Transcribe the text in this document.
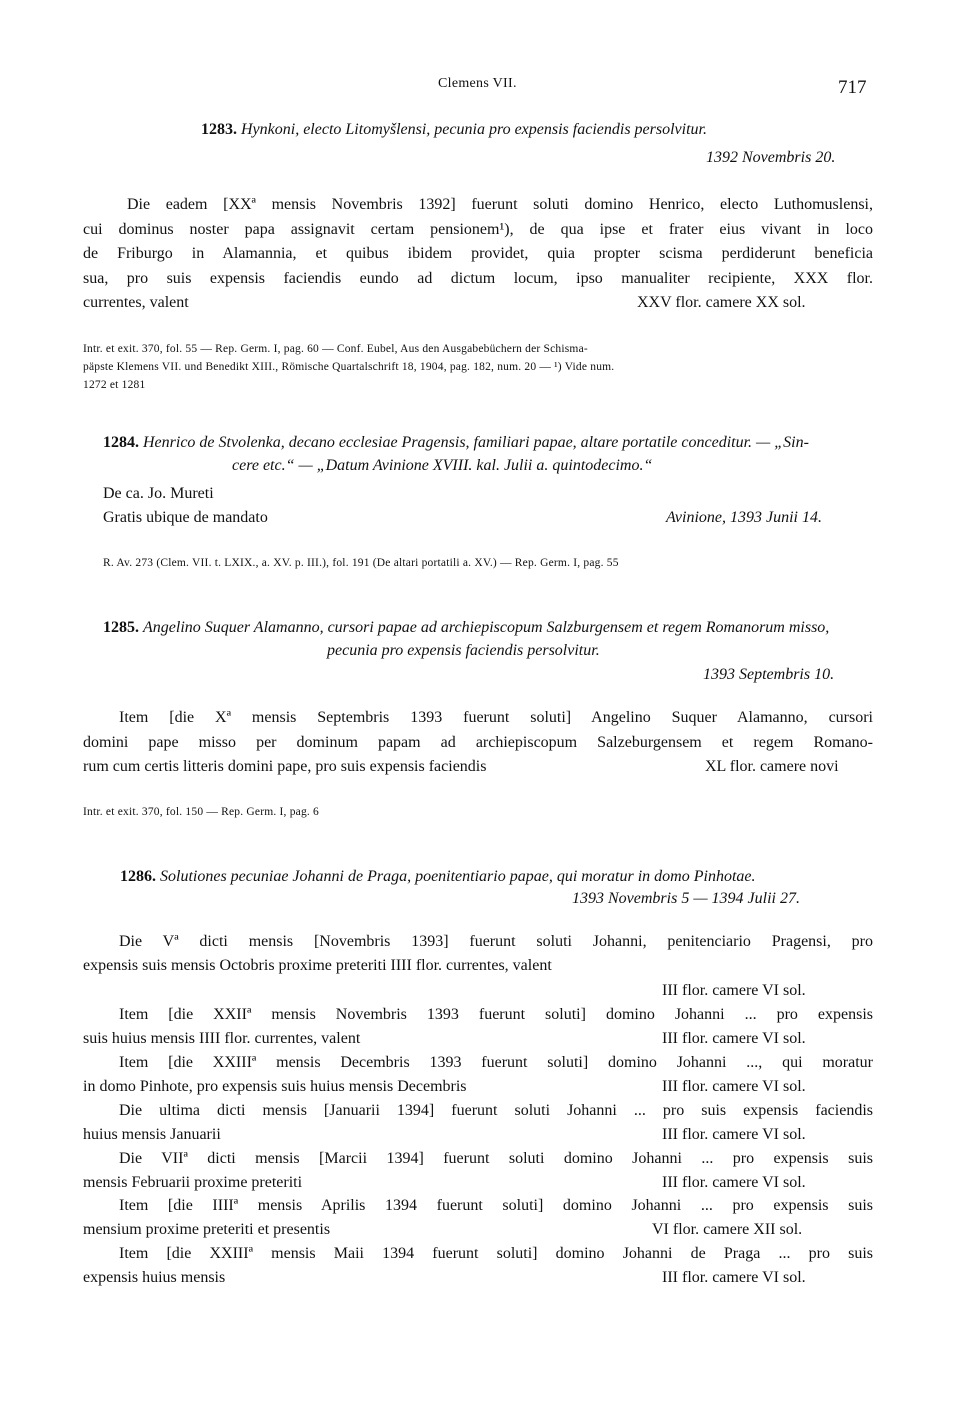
Clemens VII.	717
1283. Hynkoni, electo Litomyšlensi, pecunia pro expensis faciendis persolvitur.
1392 Novembris 20.
Die eadem [XXª mensis Novembris 1392] fuerunt soluti domino Henrico, electo Luthomuslensi,
cui dominus noster papa assignavit certam pensionem¹), de qua ipse et frater eius vivant in loco
de Friburgo in Alamannia, et quibus ibidem providet, quia propter scisma perdiderunt beneficia
sua, pro suis expensis faciendis eundo ad dictum locum, ipso manualiter recipiente, XXX flor.
currentes, valent	XXV flor. camere XX sol.
Intr. et exit. 370, fol. 55 — Rep. Germ. I, pag. 60 — Conf. Eubel, Aus den Ausgabebüchern der Schisma-
päpste Klemens VII. und Benedikt XIII., Römische Quartalschrift 18, 1904, pag. 182, num. 20 — ¹) Vide num.
1272 et 1281
1284. Henrico de Stvolenka, decano ecclesiae Pragensis, familiari papae, altare portatile conceditur. — „Sin-
cere etc.“ — „Datum Avinione XVIII. kal. Julii a. quintodecimo.“
De ca. Jo. Mureti
Gratis ubique de mandato	Avinione, 1393 Junii 14.
R. Av. 273 (Clem. VII. t. LXIX., a. XV. p. III.), fol. 191 (De altari portatili a. XV.) — Rep. Germ. I, pag. 55
1285. Angelino Suquer Alamanno, cursori papae ad archiepiscopum Salzburgensem et regem Romanorum misso,
pecunia pro expensis faciendis persolvitur.
1393 Septembris 10.
Item [die Xª mensis Septembris 1393 fuerunt soluti] Angelino Suquer Alamanno, cursori
domini pape misso per dominum papam ad archiepiscopum Salzeburgensem et regem Romano-
rum cum certis litteris domini pape, pro suis expensis faciendis	XL flor. camere novi
Intr. et exit. 370, fol. 150 — Rep. Germ. I, pag. 6
1286. Solutiones pecuniae Johanni de Praga, poenitentiario papae, qui moratur in domo Pinhotae.
1393 Novembris 5 — 1394 Julii 27.
Die Vª dicti mensis [Novembris 1393] fuerunt soluti Johanni, penitenciario Pragensi, pro
expensis suis mensis Octobris proxime preteriti IIII flor. currentes, valent
III flor. camere VI sol.
Item [die XXIIª mensis Novembris 1393 fuerunt soluti] domino Johanni ... pro expensis
suis huius mensis IIII flor. currentes, valent	III flor. camere VI sol.
Item [die XXIIIª mensis Decembris 1393 fuerunt soluti] domino Johanni ..., qui moratur
in domo Pinhote, pro expensis suis huius mensis Decembris	III flor. camere VI sol.
Die ultima dicti mensis [Januarii 1394] fuerunt soluti Johanni ... pro suis expensis faciendis
huius mensis Januarii	III flor. camere VI sol.
Die VIIª dicti mensis [Marcii 1394] fuerunt soluti domino Johanni ... pro expensis suis
mensis Februarii proxime preteriti	III flor. camere VI sol.
Item [die IIIIª mensis Aprilis 1394 fuerunt soluti] domino Johanni ... pro expensis suis
mensium proxime preteriti et presentis	VI flor. camere XII sol.
Item [die XXIIIª mensis Maii 1394 fuerunt soluti] domino Johanni de Praga ... pro suis
expensis huius mensis	III flor. camere VI sol.
